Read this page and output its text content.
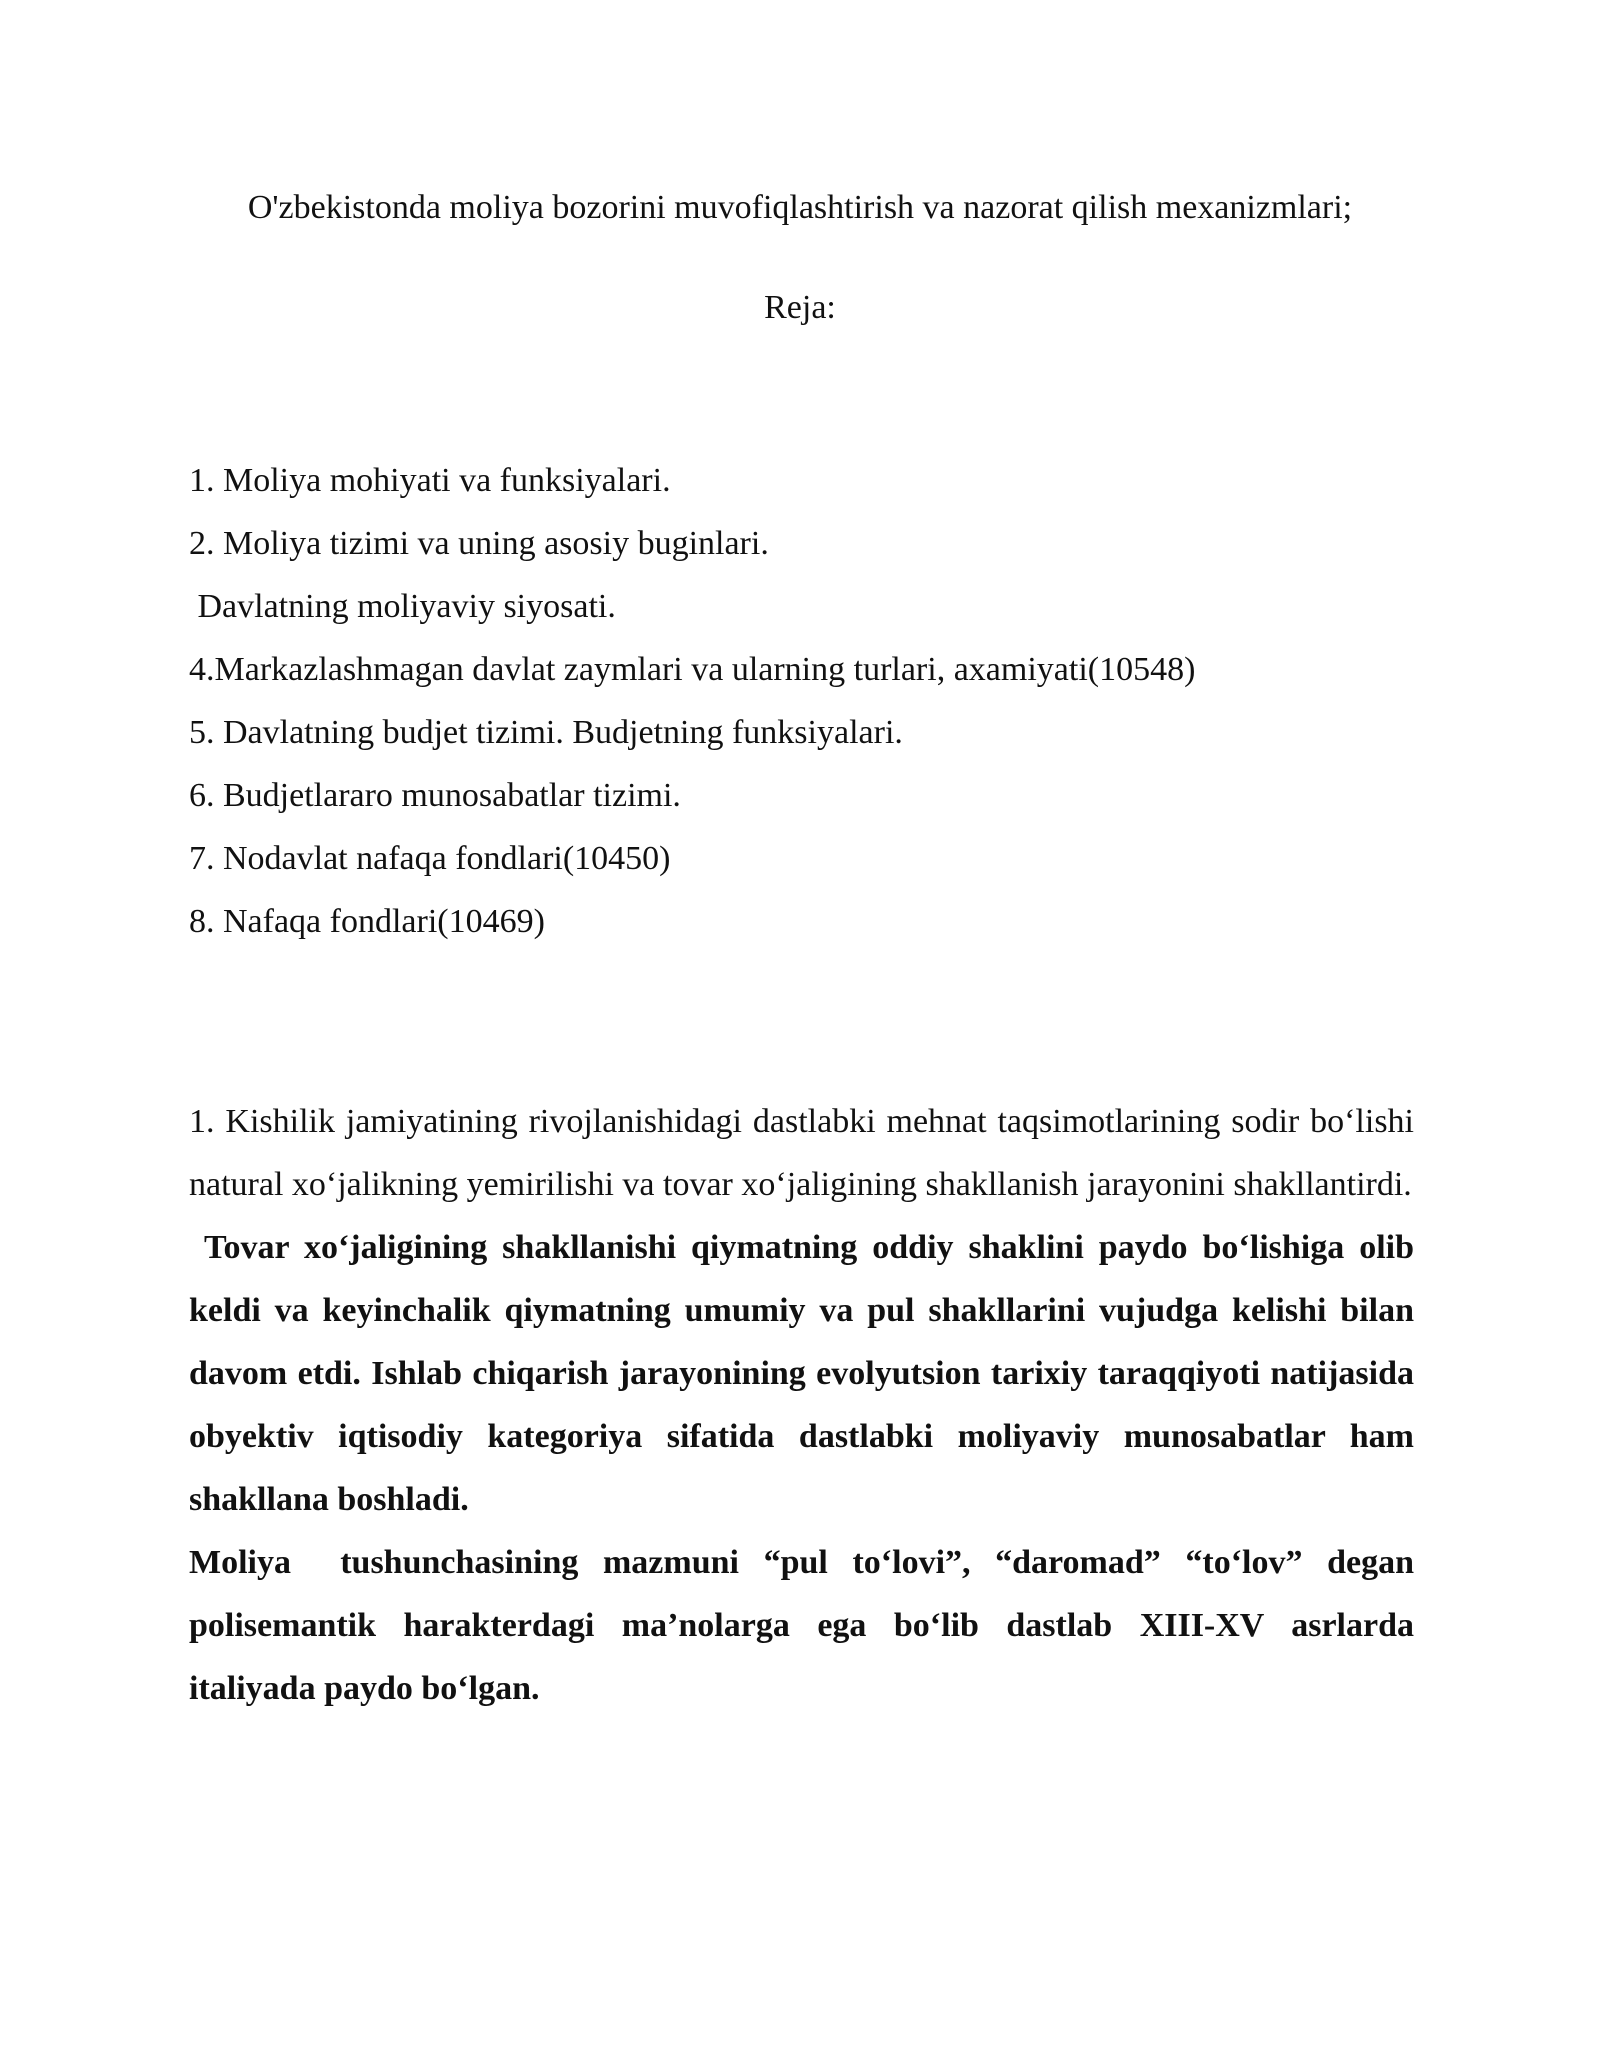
O'zbekistonda moliya bozorini muvofiqlashtirish va nazorat qilish mexanizmlari;
Reja:
1. Moliya mohiyati va funksiyalari.
2. Moliya tizimi va uning asosiy buginlari.
Davlatning moliyaviy siyosati.
4.Markazlashmagan davlat zaymlari va ularning turlari, axamiyati(10548)
5. Davlatning budjet tizimi. Budjetning funksiyalari.
6. Budjetlararo munosabatlar tizimi.
7. Nodavlat nafaqa fondlari(10450)
8. Nafaqa fondlari(10469)

1. Kishilik jamiyatining rivojlanishidagi dastlabki mehnat taqsimotlarining sodir bo‘lishi natural xo‘jalikning yemirilishi va tovar xo‘jaligining shakllanish jarayonini shakllantirdi.

Tovar xo‘jaligining shakllanishi qiymatning oddiy shaklini paydo bo‘lishiga olib keldi va keyinchalik qiymatning umumiy va pul shakllarini vujudga kelishi bilan davom etdi. Ishlab chiqarish jarayonining evolyutsion tarixiy taraqqiyoti natijasida obyektiv iqtisodiy kategoriya sifatida dastlabki moliyaviy munosabatlar ham shakllana boshladi.

Moliya  tushunchasining mazmuni “pul to‘lovi”, “daromad” “to‘lov” degan polisemantik harakterdagi ma’nolarga ega bo‘lib dastlab XIII-XV asrlarda italiyada paydo bo‘lgan.
